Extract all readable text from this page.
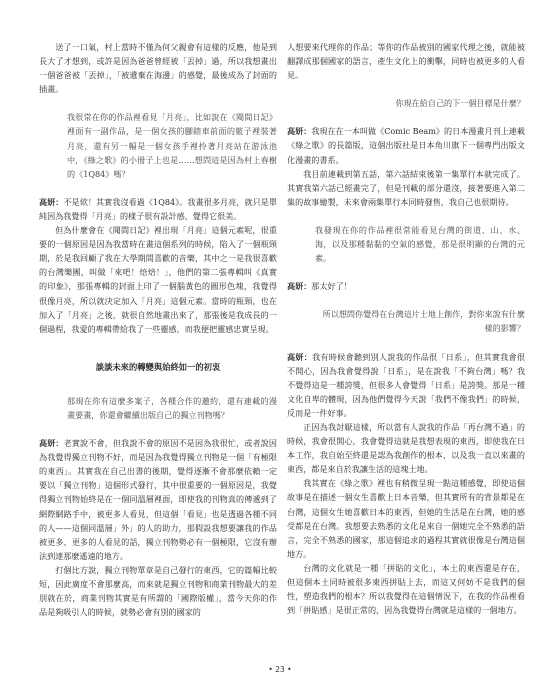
送了一口氣，村上當時不僅為何父親會有這樣的反應，他是到長大了才想到，或許是因為爸爸曾經被「丟掉」過，所以我想畫出一個爸爸被「丟掉」，「被遺棄在海邊」的感覺，最後成為了封面的插畫。

我很常在你的作品裡看見「月亮」，比如說在《閱間日記》裡面有一副作品，是一個女孩的腳踏車前面的籃子裡裝著月亮，還有另一幅是一個女孩手裡拎著月亮站在游泳池中，《綠之歌》的小冊子上也是……想問這是因為村上春樹的《1Q84》嗎？

高妍：不是欸！其實我沒看過《1Q84》。我畫很多月亮，就只是單純因為我覺得「月亮」的樣子很有設計感，覺得它很美。

但為什麼會在《閱間日記》裡出現「月亮」這個元素呢，很重要的一個原因是因為我當時在畫這個系列的時候，陷入了一個瓶頸期，於是我回顧了我在大學期間喜歡的音樂，其中之一是我很喜歡的台灣樂團，叫做「來吧！焙焙！」，他們的第二張專輯叫《真實的印象》，那張專輯的封面上印了一個腦黃色的圓形色塊，我覺得很像月亮，所以就決定加入「月亮」這個元素。當時的瓶頸，也在加入了「月亮」之後，就很自然地畫出來了，那張後是我成長的一個過程，我愛的專輯帶給我了一些靈感，而我便把靈感忠實呈現。

談談未來的轉變與始終如一的初衷

那現在你有這麼多案子，各種合作的邀約，還有連載的漫畫要畫，你還會繼續出版自己的獨立刊物嗎？

高妍：老實說不會，但我說不會的原因不是因為我很忙，或者說因為我覺得獨立刊物不好，而是因為我覺得獨立刊物是一個「有極限的東西」。其實我在自己出書的後期，覺得逐漸不會那麼依賴一定要以「獨立刊物」這個形式發行，其中很重要的一個原因是，我覺得獨立刊物始終是在一個同溫層裡面，即使我的刊物真的傳遞到了網際網路手中，被更多人看見，但這個「看見」也是透過各種不同的人——這個同溫層」外」的人的助力，那假設我想要讓我的作品被更多、更多的人看見的話，獨立刊物勢必有一個極限，它沒有辦法到達那麼遙遠的地方。

打個比方說，獨立刊物單章是自己發行的東西，它的篇幅比較短，因此廣度不會那麼高，而來就是獨立刊物和商業刊物最大的差別就在於，商業刊物其實是有所謂的「國際版權」，當今天你的作品是夠吸引人的時候，就勢必會有別的國家的

人想要來代理你的作品；等你的作品被別的國家代理之後，就能被翻譯成那個國家的語言，產生文化上的衝擊，同時也被更多的人看見。

你現在給自己的下一個目標是什麼？

高妍：我現在在一本叫做《Comic Beam》的日本漫畫月刊上連載《綠之歌》的長篇版，這個出版社是日本角川旗下一個專門出版文化漫畫的書系。

我目前連載到第五話，第六話結束後第一集單行本就完成了。其實我第六話已經畫完了，但是刊載的部分還沒，接著要進入第二集的故事繪製，未來會兩集單行本同時發售，我自己也很期待。

我發現在你的作品裡很常能看見台灣的街道、山、水、海，以及那種黏黏的空氣的感覺，那是很明顯的台灣的元素。

高妍：那太好了！

所以想問你覺得在台灣這片土地上創作，對你來說有什麼樣的影響？

高妍：我有時候會聽到別人說我的作品很「日系」，但其實我會很不開心，因為我會覺得說「日系」，是在說我「不夠台灣」嗎？我不覺得這是一種誇獎，但很多人會覺得「日系」是誇獎。那是一種文化自卑的體現，因為他們覺得今天說「我們不像我們」的時候，反而是一件好事。

正因為我討厭這樣，所以當有人說我的作品「再台灣不過」的時候，我會很開心，我會覺得這就是我想表現的東西，即使我在日本工作，我自始至終還是認為我創作的根本，以及我一直以來畫的東西，都是來自於我讓生活的這塊土地。

我其實在《綠之歌》裡也有稍微呈現一點這種感覺，即使這個故事是在描述一個女生喜歡上日本音樂，但其實所有的背景都是在台灣，這個女生她喜歡日本的東西，但她的生活是在台灣，她的感受都是在台灣。我想要去熟悉的文化是來自一個她完全不熟悉的語言，完全不熟悉的國家，那這個追求的過程其實就很像是台灣這個地方。

台灣的文化就是一種「拼貼的文化」，本土的東西還是存在，但這個本土同時被很多東西拼貼上去，而這又何妨不是我們的個性，塑造我們的根本？所以我覺得在這個情況下，在我的作品裡看到「拼貼感」是很正常的，因為我覺得台灣就是這樣的一個地方。

• 23 •
